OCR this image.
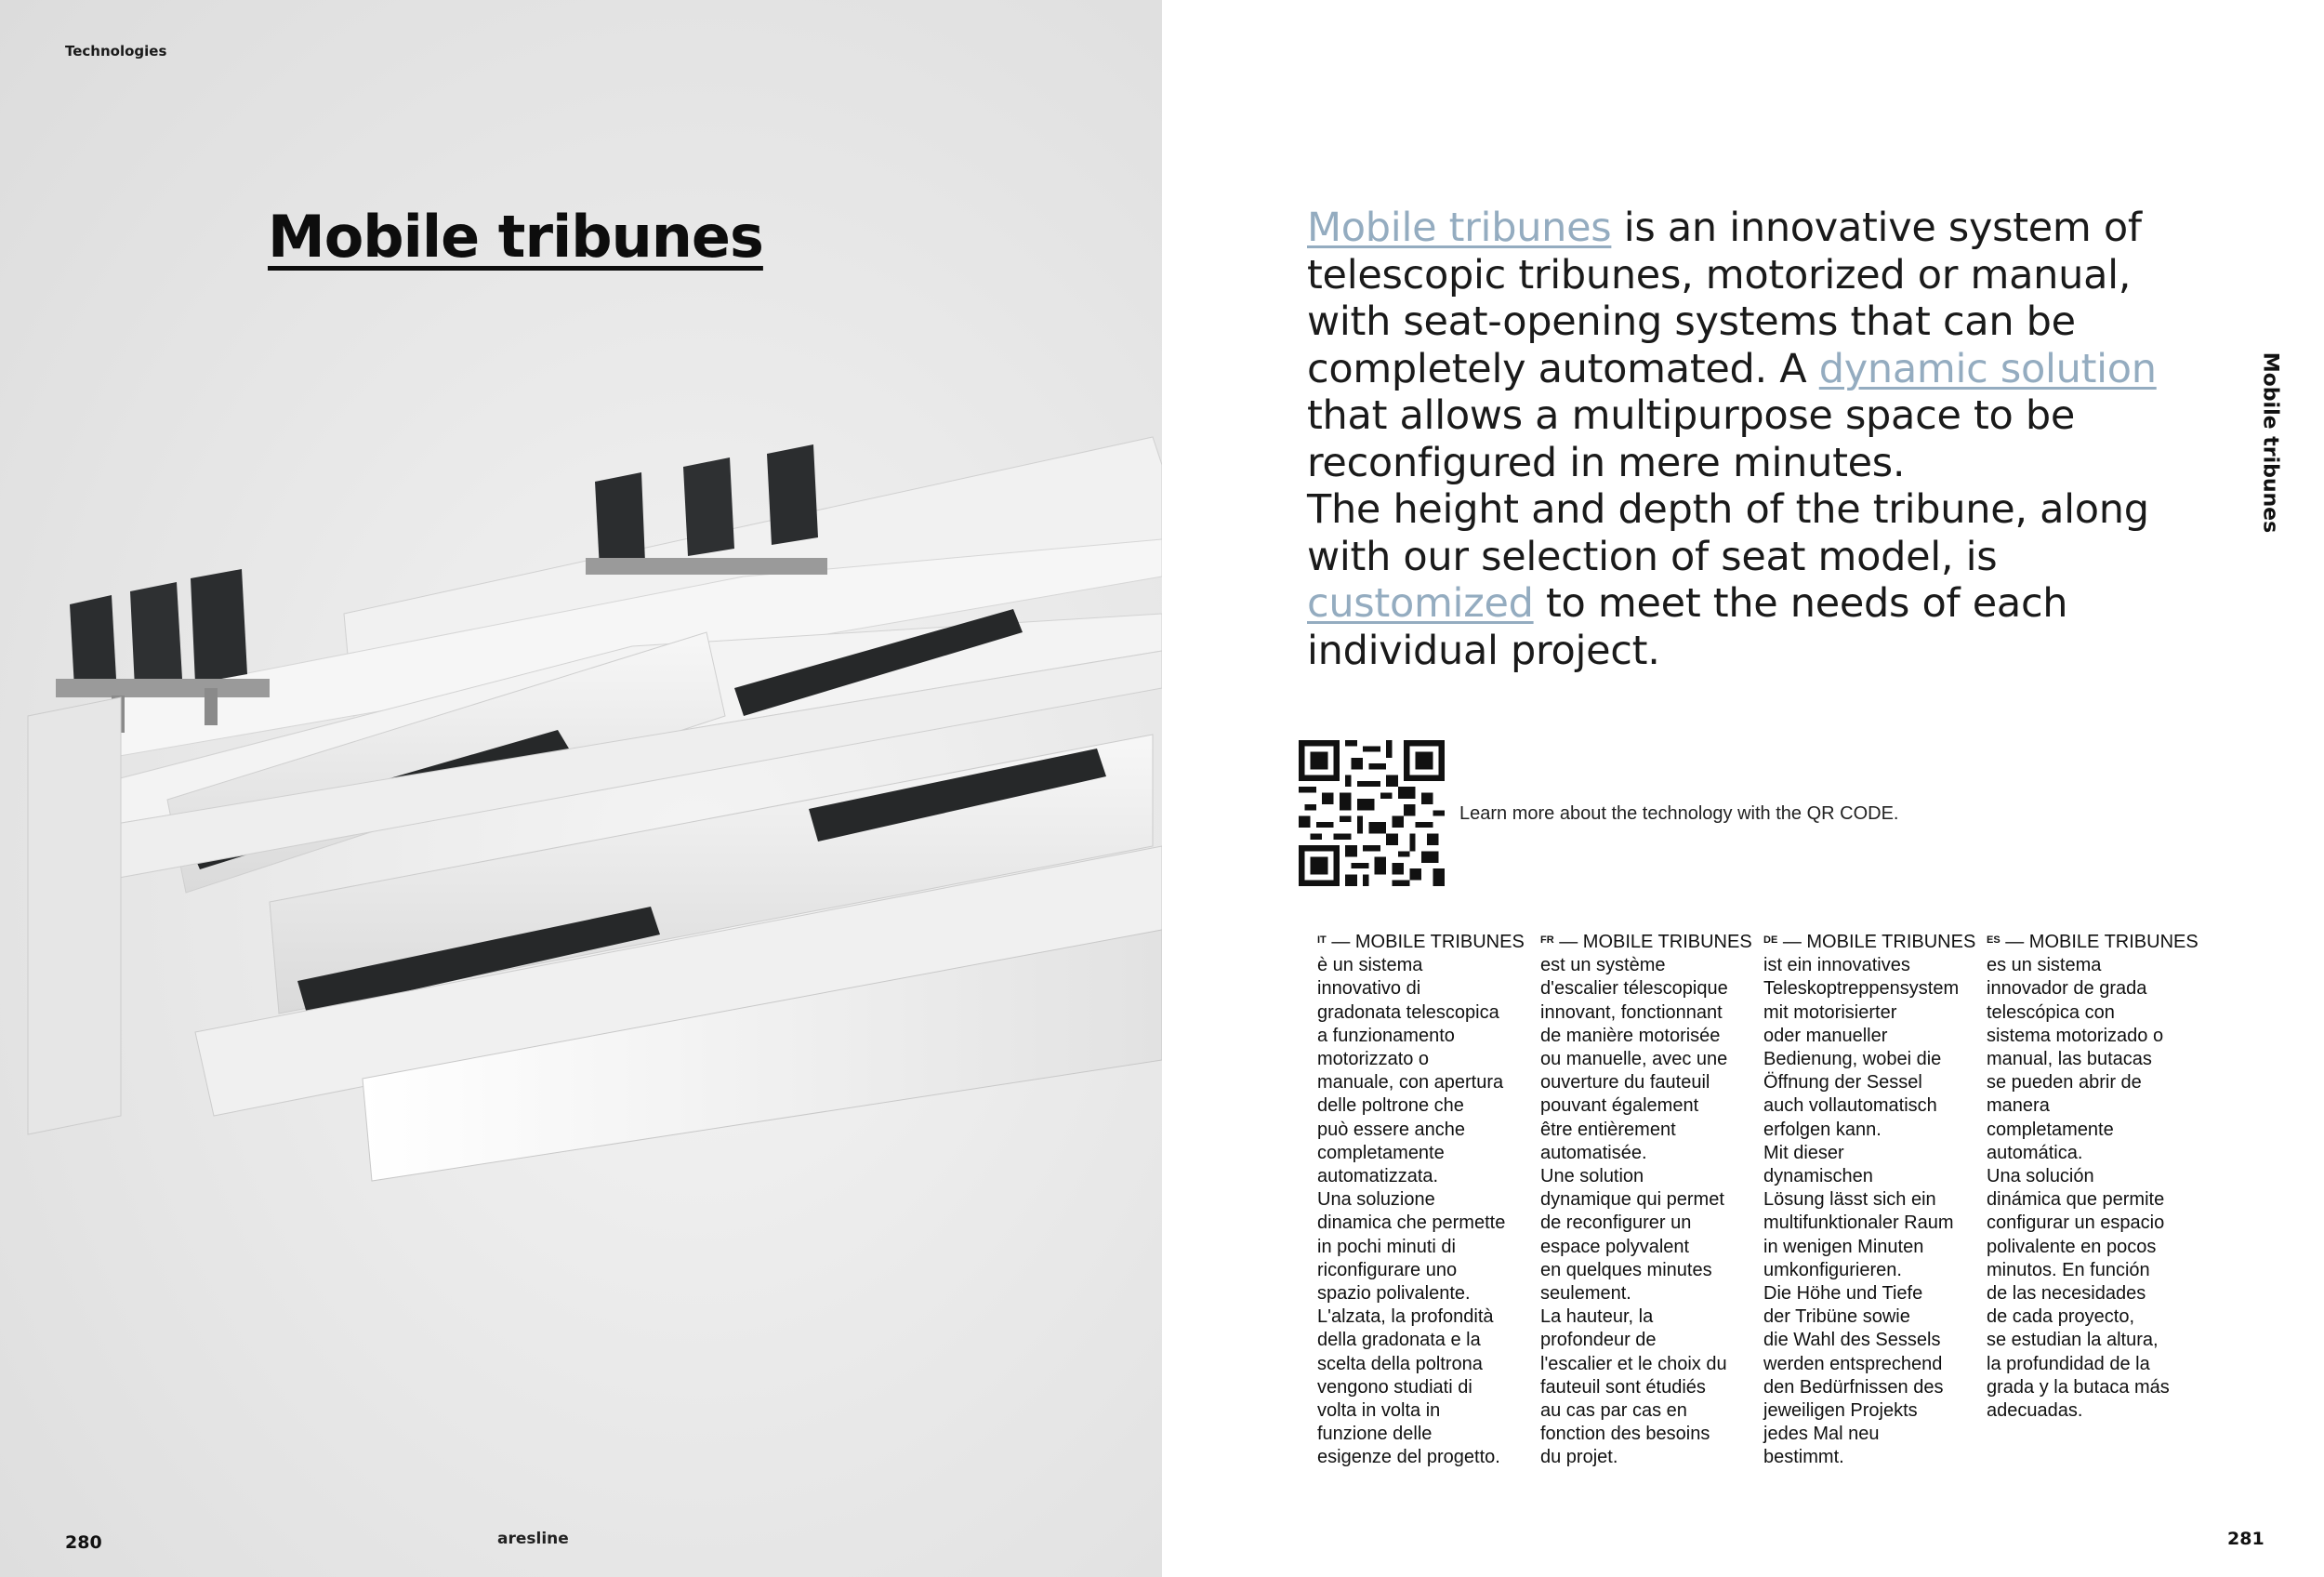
Technologies
Mobile tribunes
280	aresline
Mobile tribunes is an innovative system of telescopic tribunes, motorized or manual, with seat-opening systems that can be completely automated. A dynamic solution that allows a multipurpose space to be reconfigured in mere minutes.
The height and depth of the tribune, along with our selection of seat model, is customized to meet the needs of each individual project.
Mobile tribunes
Learn more about the technology with the QR CODE.
$^{IT}$ — MOBILE TRIBUNES
è un sistema
innovativo di
gradonata telescopica
a funzionamento
motorizzato o
manuale, con apertura
delle poltrone che
può essere anche
completamente
automatizzata.
Una soluzione
dinamica che permette
in pochi minuti di
riconfigurare uno
spazio polivalente.
L'alzata, la profondità
della gradonata e la
scelta della poltrona
vengono studiati di
volta in volta in
funzione delle
esigenze del progetto.
$^{FR}$ — MOBILE TRIBUNES
est un système
d'escalier télescopique
innovant, fonctionnant
de manière motorisée
ou manuelle, avec une
ouverture du fauteuil
pouvant également
être entièrement
automatisée.
Une solution
dynamique qui permet
de reconfigurer un
espace polyvalent
en quelques minutes
seulement.
La hauteur, la
profondeur de
l'escalier et le choix du
fauteuil sont étudiés
au cas par cas en
fonction des besoins
du projet.
$^{DE}$ — MOBILE TRIBUNES
ist ein innovatives
Teleskoptreppensystem
mit motorisierter
oder manueller
Bedienung, wobei die
Öffnung der Sessel
auch vollautomatisch
erfolgen kann.
Mit dieser
dynamischen
Lösung lässt sich ein
multifunktionaler Raum
in wenigen Minuten
umkonfigurieren.
Die Höhe und Tiefe
der Tribüne sowie
die Wahl des Sessels
werden entsprechend
den Bedürfnissen des
jeweiligen Projekts
jedes Mal neu
bestimmt.
$^{ES}$ — MOBILE TRIBUNES
es un sistema
innovador de grada
telescópica con
sistema motorizado o
manual, las butacas
se pueden abrir de
manera
completamente
automática.
Una solución
dinámica que permite
configurar un espacio
polivalente en pocos
minutos. En función
de las necesidades
de cada proyecto,
se estudian la altura,
la profundidad de la
grada y la butaca más
adecuadas.
281
